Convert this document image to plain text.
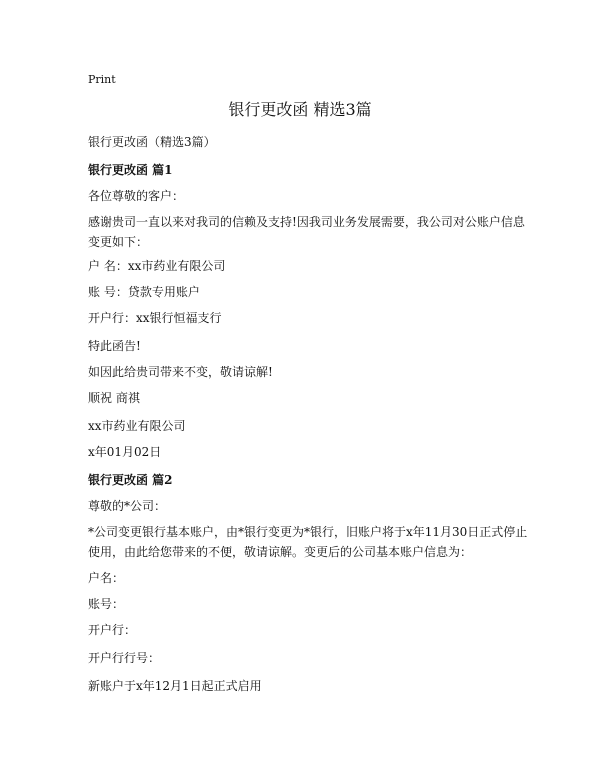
Print
银行更改函 精选3篇
银行更改函（精选3篇）
银行更改函 篇1
各位尊敬的客户：
感谢贵司一直以来对我司的信赖及支持!因我司业务发展需要，我公司对公账户信息变更如下：
户 名：xx市药业有限公司
账 号：贷款专用账户
开户行：xx银行恒福支行
特此函告!
如因此给贵司带来不变，敬请谅解!
顺祝 商祺
xx市药业有限公司
x年01月02日
银行更改函 篇2
尊敬的*公司：
*公司变更银行基本账户，由*银行变更为*银行，旧账户将于x年11月30日正式停止使用，由此给您带来的不便，敬请谅解。变更后的公司基本账户信息为：
户名：
账号：
开户行：
开户行行号：
新账户于x年12月1日起正式启用
